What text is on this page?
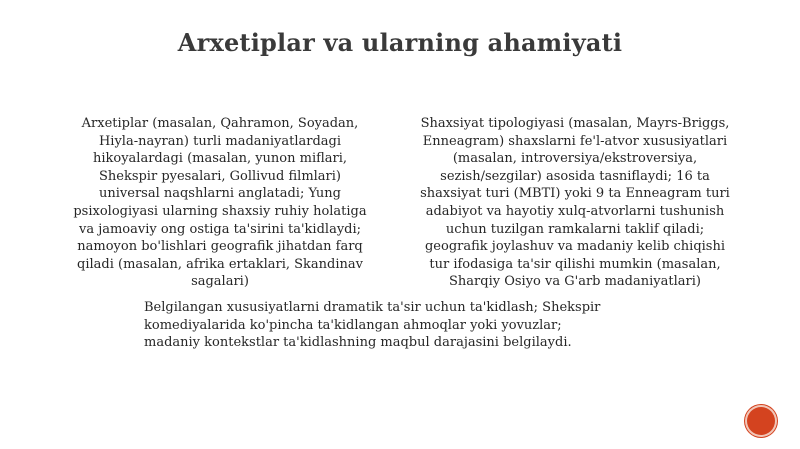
Arxetiplar va ularning ahamiyati
Arxetiplar (masalan, Qahramon, Soyadan,
Hiyla-nayran) turli madaniyatlardagi
hikoyalardagi (masalan, yunon miflari,
Shekspir pyesalari, Gollivud filmlari)
universal naqshlarni anglatadi; Yung
psixologiyasi ularning shaxsiy ruhiy holatiga
va jamoaviy ong ostiga ta'sirini ta'kidlaydi;
namoyon bo'lishlari geografik jihatdan farq
qiladi (masalan, afrika ertaklari, Skandinav
sagalari)
Shaxsiyat tipologiyasi (masalan, Mayrs-Briggs,
Enneagram) shaxslarni fe'l-atvor xususiyatlari
(masalan, introversiya/ekstroversiya,
sezish/sezgilar) asosida tasniflaydi; 16 ta
shaxsiyat turi (MBTI) yoki 9 ta Enneagram turi
adabiyot va hayotiy xulq-atvorlarni tushunish
uchun tuzilgan ramkalarni taklif qiladi;
geografik joylashuv va madaniy kelib chiqishi
tur ifodasiga ta'sir qilishi mumkin (masalan,
Sharqiy Osiyo va G'arb madaniyatlari)
Belgilangan xususiyatlarni dramatik ta'sir uchun ta'kidlash; Shekspir
komediyalarida ko'pincha ta'kidlangan ahmoqlar yoki yovuzlar;
madaniy kontekstlar ta'kidlashning maqbul darajasini belgilaydi.
